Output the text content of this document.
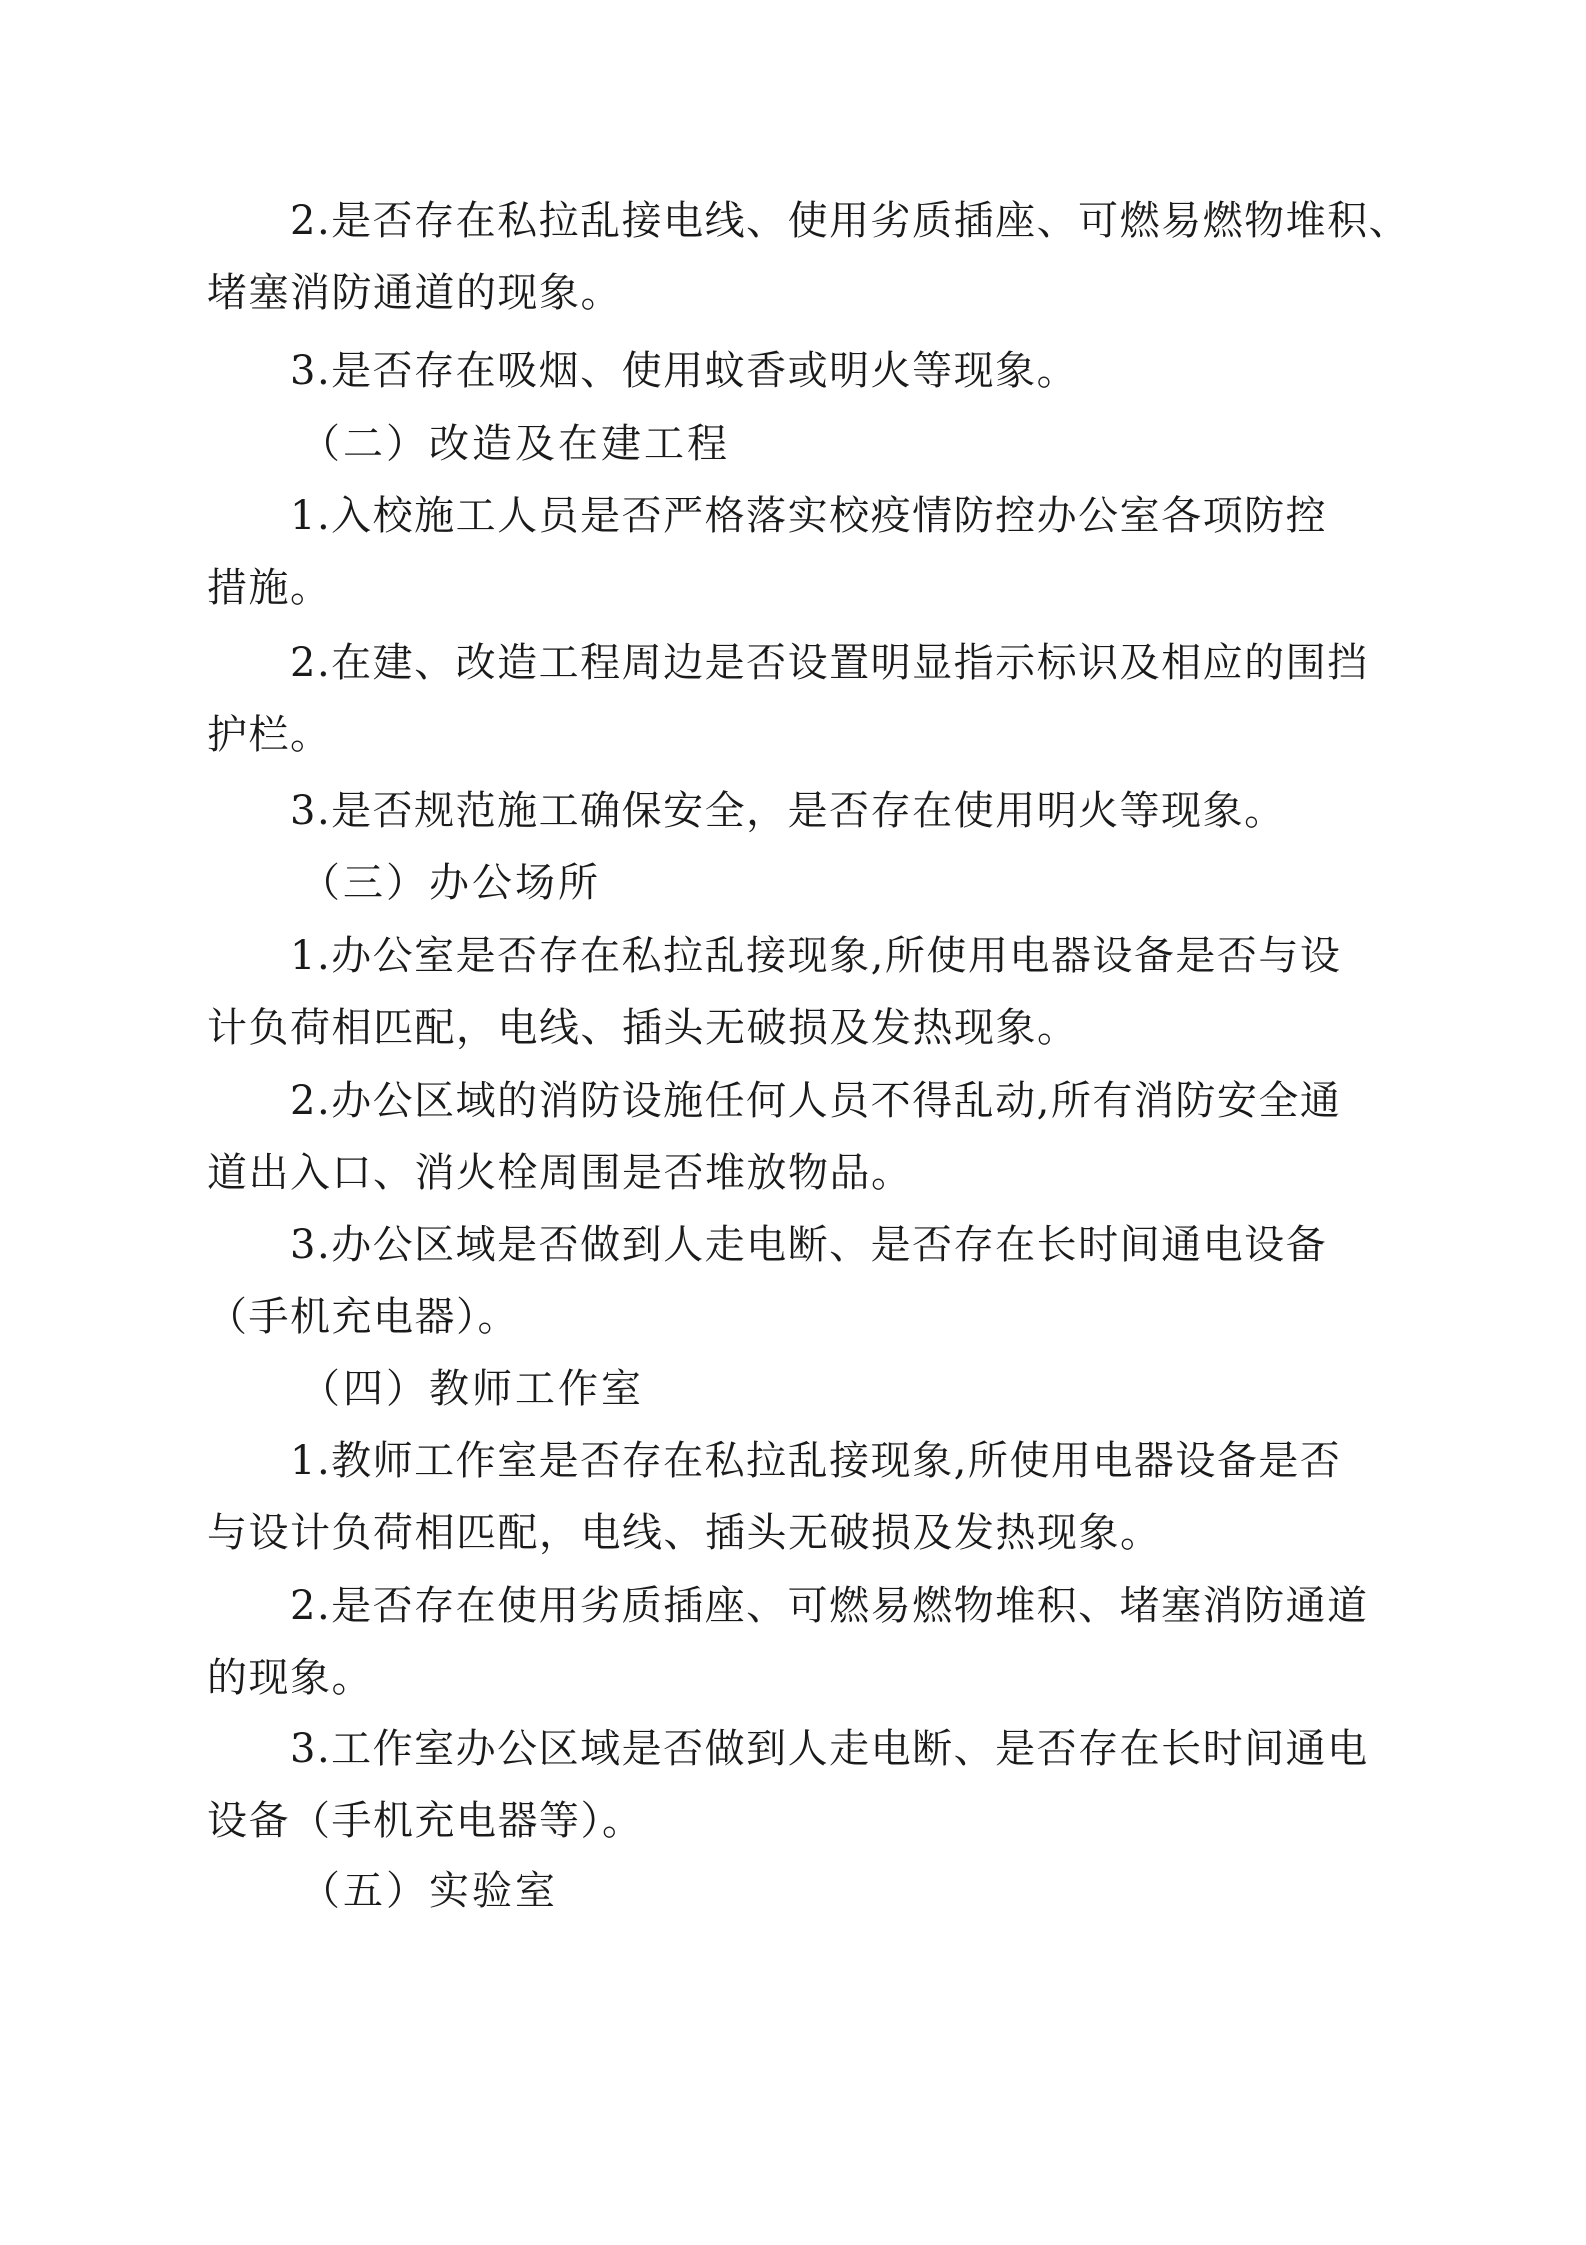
2.是否存在私拉乱接电线、使用劣质插座、可燃易燃物堆积、
堵塞消防通道的现象。
3.是否存在吸烟、使用蚊香或明火等现象。
（二）改造及在建工程
1.入校施工人员是否严格落实校疫情防控办公室各项防控
措施。
2.在建、改造工程周边是否设置明显指示标识及相应的围挡
护栏。
3.是否规范施工确保安全，是否存在使用明火等现象。
（三）办公场所
1.办公室是否存在私拉乱接现象,所使用电器设备是否与设
计负荷相匹配，电线、插头无破损及发热现象。
2.办公区域的消防设施任何人员不得乱动,所有消防安全通
道出入口、消火栓周围是否堆放物品。
3.办公区域是否做到人走电断、是否存在长时间通电设备
（手机充电器）。
（四）教师工作室
1.教师工作室是否存在私拉乱接现象,所使用电器设备是否
与设计负荷相匹配，电线、插头无破损及发热现象。
2.是否存在使用劣质插座、可燃易燃物堆积、堵塞消防通道
的现象。
3.工作室办公区域是否做到人走电断、是否存在长时间通电
设备（手机充电器等）。
（五）实验室
